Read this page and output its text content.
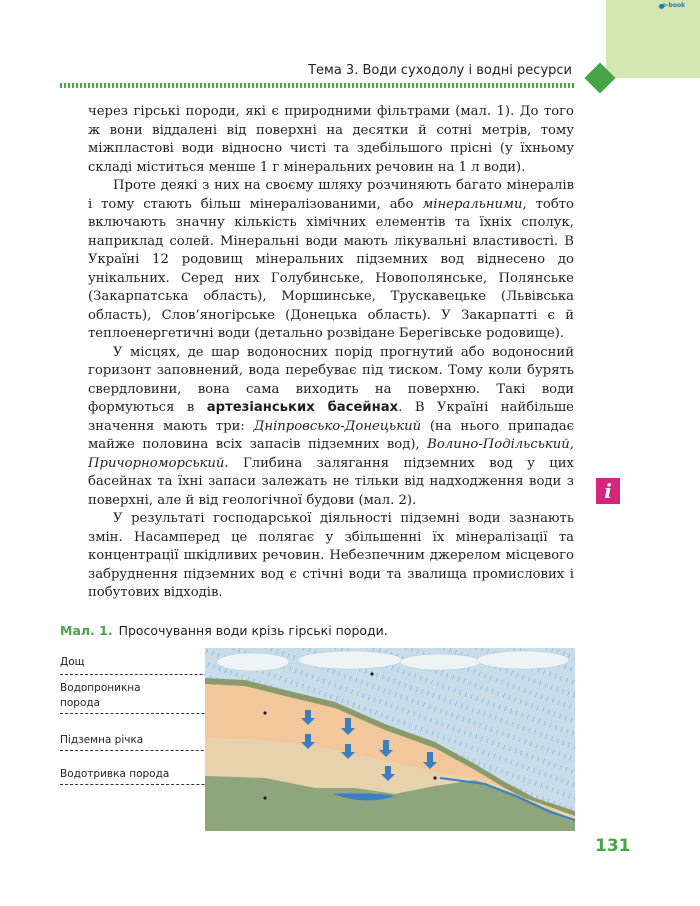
e-book
Тема 3. Води суходолу і водні ресурси

через гірські породи, які є природними фільтрами (мал. 1). До того ж вони віддалені від поверхні на десятки й сотні метрів, тому міжпластові води відносно чисті та здебільшого прісні (у їхньому складі міститься менше 1 г мінеральних речовин на 1 л води).

Проте деякі з них на своєму шляху розчиняють багато мінералів і тому стають більш мінералізованими, або мінеральними, тобто включають значну кількість хімічних елементів та їхніх сполук, наприклад солей. Мінеральні води мають лікувальні властивості. В Україні 12 родовищ мінеральних підземних вод віднесено до унікальних. Серед них Голубинське, Новополянське, Полянське (Закарпатська область), Моршинське, Трускавецьке (Львівська область), Слов’яногірське (Донецька область). У Закарпатті є й теплоенергетичні води (детально розвідане Берегівське родовище).

У місцях, де шар водоносних порід прогнутий або водоносний горизонт заповнений, вода перебуває під тиском. Тому коли бурять свердловини, вона сама виходить на поверхню. Такі води формуються в артезіанських басейнах. В Україні найбільше значення мають три: Дніпровсько-Донецький (на нього припадає майже половина всіх запасів підземних вод), Волино-Подільський, Причорноморський. Глибина залягання підземних вод у цих басейнах та їхні запаси залежать не тільки від надходження води з поверхні, але й від геологічної будови (мал. 2).

У результаті господарської діяльності підземні води зазнають змін. Насамперед це полягає у збільшенні їх мінералізації та концентрації шкідливих речовин. Небезпечним джерелом місцевого забруднення підземних вод є стічні води та звалища промислових і побутових відходів.

i
Мал. 1. Просочування води крізь гірські породи.
Дощ
Водопроникна
порода
Підземна річка
Водотривка порода
131
